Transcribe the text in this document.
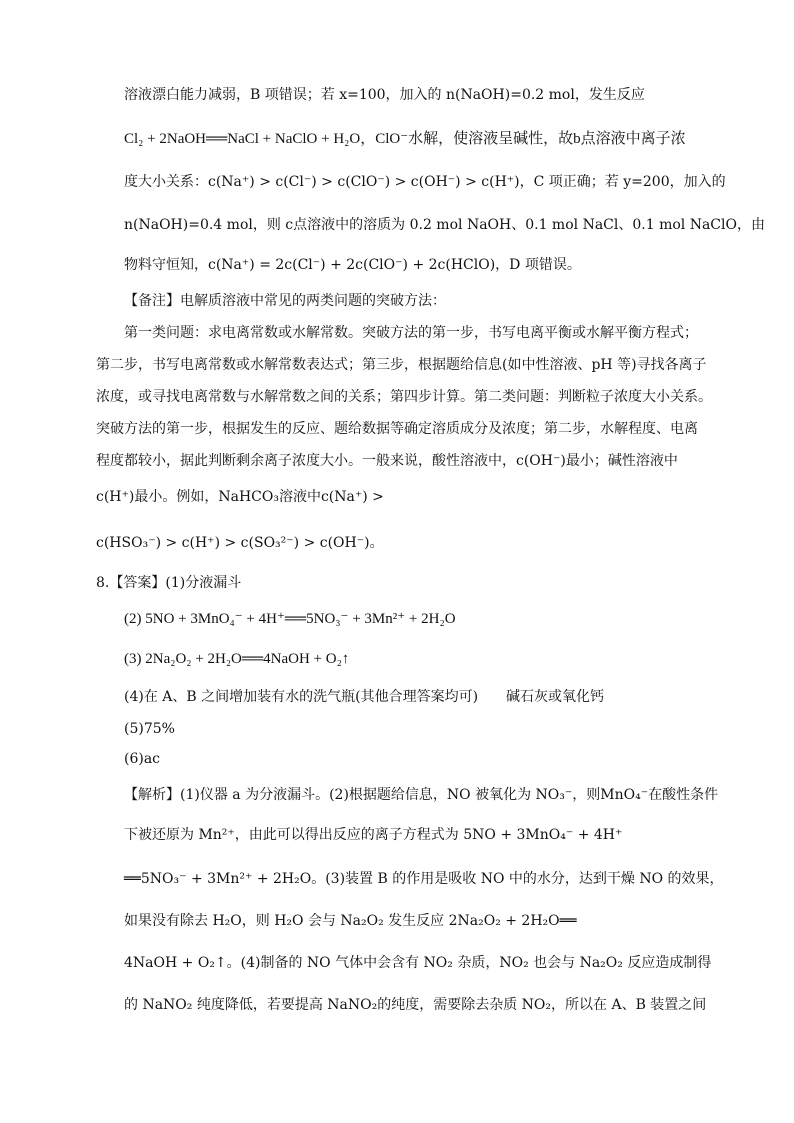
溶液漂白能力减弱，B 项错误；若 x=100，加入的 n(NaOH)=0.2 mol，发生反应
Cl₂ + 2NaOH══NaCl + NaClO + H₂O，ClO⁻水解，使溶液呈碱性，故b点溶液中离子浓
度大小关系：c(Na⁺) > c(Cl⁻) > c(ClO⁻) > c(OH⁻) > c(H⁺)，C 项正确；若 y=200，加入的
n(NaOH)=0.4 mol，则 c点溶液中的溶质为 0.2 mol NaOH、0.1 mol NaCl、0.1 mol NaClO，由
物料守恒知，c(Na⁺) = 2c(Cl⁻) + 2c(ClO⁻) + 2c(HClO)，D 项错误。
【备注】电解质溶液中常见的两类问题的突破方法：
第一类问题：求电离常数或水解常数。突破方法的第一步，书写电离平衡或水解平衡方程式；
第二步，书写电离常数或水解常数表达式；第三步，根据题给信息(如中性溶液、pH 等)寻找各离子
浓度，或寻找电离常数与水解常数之间的关系；第四步计算。第二类问题：判断粒子浓度大小关系。
突破方法的第一步，根据发生的反应、题给数据等确定溶质成分及浓度；第二步，水解程度、电离
程度都较小，据此判断剩余离子浓度大小。一般来说，酸性溶液中，c(OH⁻)最小；碱性溶液中
c(H⁺)最小。例如，NaHCO₃溶液中c(Na⁺) >
c(HSO₃⁻) > c(H⁺) > c(SO₃²⁻) > c(OH⁻)。
8.【答案】(1)分液漏斗
(2) 5NO + 3MnO₄⁻ + 4H⁺══5NO₃⁻ + 3Mn²⁺ + 2H₂O
(3) 2Na₂O₂ + 2H₂O══4NaOH + O₂↑
(4)在 A、B 之间增加装有水的洗气瓶(其他合理答案均可)　　碱石灰或氧化钙
(5)75%
(6)ac
【解析】(1)仪器 a 为分液漏斗。(2)根据题给信息，NO 被氧化为 NO₃⁻，则MnO₄⁻在酸性条件
下被还原为 Mn²⁺，由此可以得出反应的离子方程式为 5NO + 3MnO₄⁻ + 4H⁺
══5NO₃⁻ + 3Mn²⁺ + 2H₂O。(3)装置 B 的作用是吸收 NO 中的水分，达到干燥 NO 的效果，
如果没有除去 H₂O，则 H₂O 会与 Na₂O₂ 发生反应 2Na₂O₂ + 2H₂O══
4NaOH + O₂↑。(4)制备的 NO 气体中会含有 NO₂ 杂质，NO₂ 也会与 Na₂O₂ 反应造成制得
的 NaNO₂ 纯度降低，若要提高 NaNO₂的纯度，需要除去杂质 NO₂，所以在 A、B 装置之间
